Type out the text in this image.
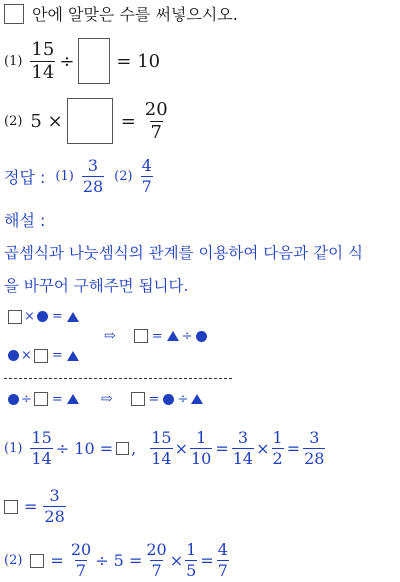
안에 알맞은 수를 써넣으시오.
$(1) \frac{15}{14}$ ÷ = 10
(2) 5 ×	= $\frac{20}{7}$
정답 : $(1) \frac{3}{28} (2) \frac{4}{7}$
해설 :
곱셈식과 나눗셈식의 관계를 이용하여 다음과 같이 식
을 바꾸어 구해주면 됩니다.
× =
⇨	= ÷
× =
÷ =	⇨	= ÷
$(1) \frac{15}{14} \div 10$ = , $\frac{15}{14} \times \frac{1}{10} = \frac{3}{14} \times \frac{1}{2} = \frac{3}{28}$
= $\frac{3}{28}$
$(2) = \frac{20}{7} \div 5 = \frac{20}{7} \times \frac{1}{5} = \frac{4}{7}$
